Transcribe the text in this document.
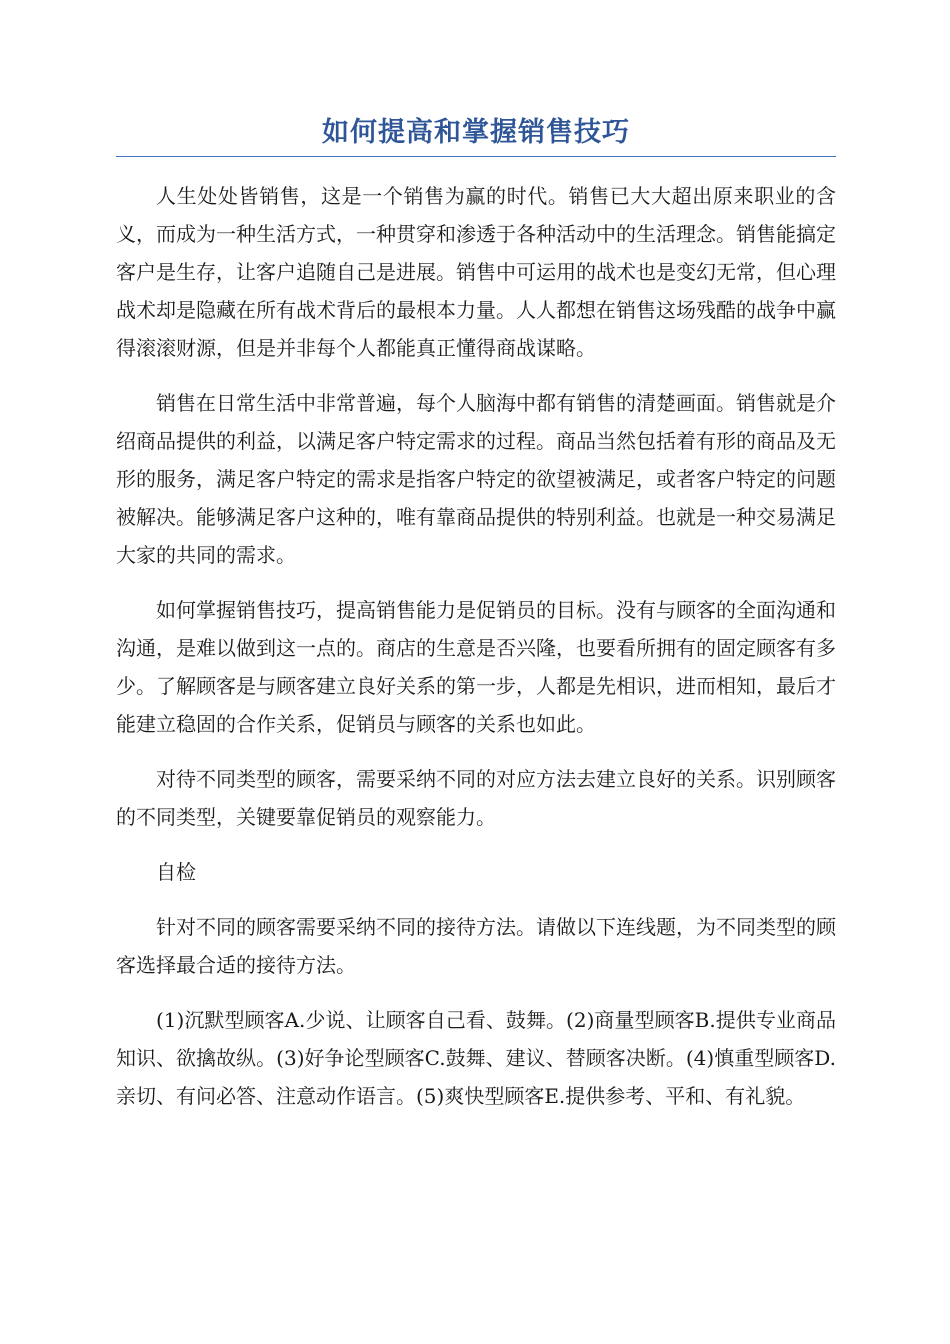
如何提高和掌握销售技巧

人生处处皆销售，这是一个销售为赢的时代。销售已大大超出原来职业的含义，而成为一种生活方式，一种贯穿和渗透于各种活动中的生活理念。销售能搞定客户是生存，让客户追随自己是进展。销售中可运用的战术也是变幻无常，但心理战术却是隐藏在所有战术背后的最根本力量。人人都想在销售这场残酷的战争中赢得滚滚财源，但是并非每个人都能真正懂得商战谋略。

销售在日常生活中非常普遍，每个人脑海中都有销售的清楚画面。销售就是介绍商品提供的利益，以满足客户特定需求的过程。商品当然包括着有形的商品及无形的服务，满足客户特定的需求是指客户特定的欲望被满足，或者客户特定的问题被解决。能够满足客户这种的，唯有靠商品提供的特别利益。也就是一种交易满足大家的共同的需求。

如何掌握销售技巧，提高销售能力是促销员的目标。没有与顾客的全面沟通和沟通，是难以做到这一点的。商店的生意是否兴隆，也要看所拥有的固定顾客有多少。了解顾客是与顾客建立良好关系的第一步，人都是先相识，进而相知，最后才能建立稳固的合作关系，促销员与顾客的关系也如此。

对待不同类型的顾客，需要采纳不同的对应方法去建立良好的关系。识别顾客的不同类型，关键要靠促销员的观察能力。

自检

针对不同的顾客需要采纳不同的接待方法。请做以下连线题，为不同类型的顾客选择最合适的接待方法。

(1)沉默型顾客A.少说、让顾客自己看、鼓舞。(2)商量型顾客B.提供专业商品知识、欲擒故纵。(3)好争论型顾客C.鼓舞、建议、替顾客决断。(4)慎重型顾客D.亲切、有问必答、注意动作语言。(5)爽快型顾客E.提供参考、平和、有礼貌。
